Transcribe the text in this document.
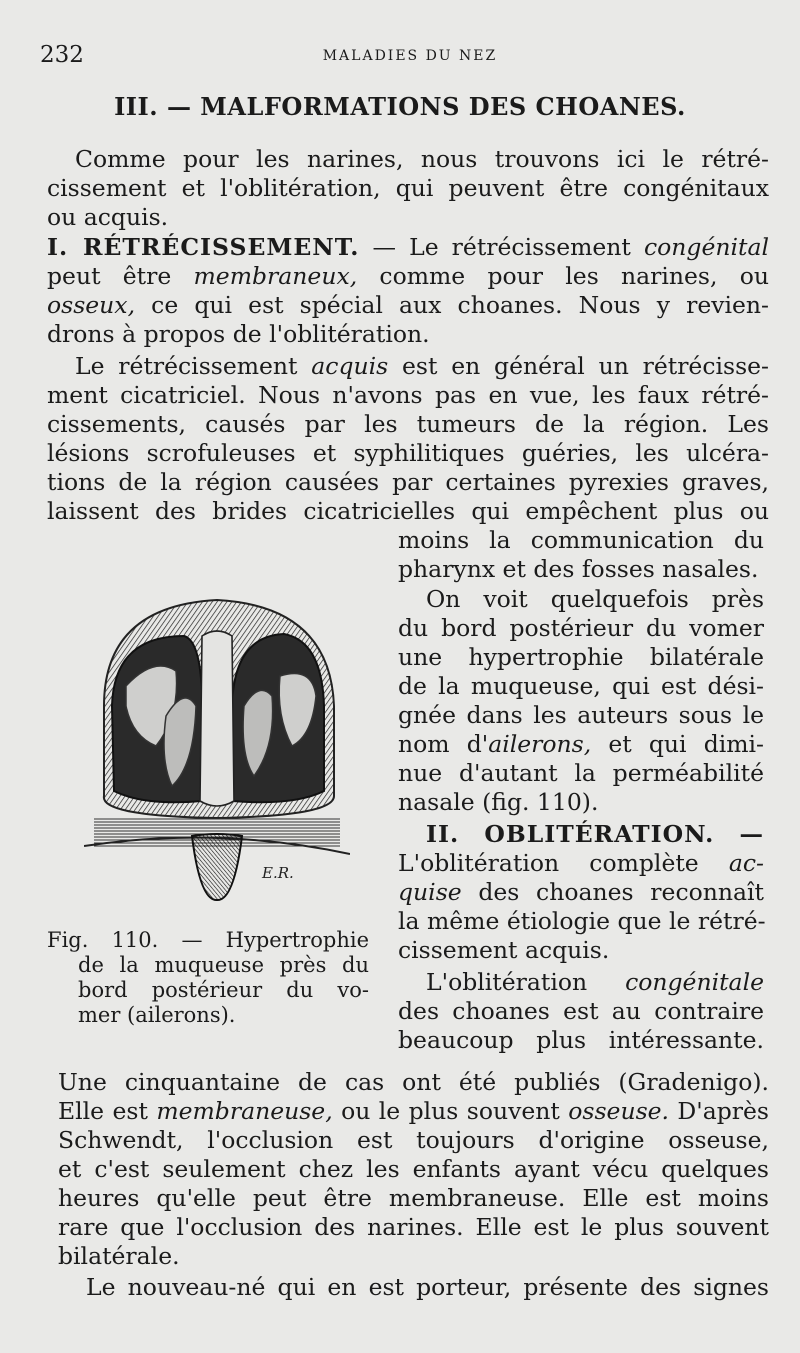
232	MALADIES DU NEZ
III. — MALFORMATIONS DES CHOANES.
Comme pour les narines, nous trouvons ici le rétré-
cissement et l'oblitération, qui peuvent être congénitaux
ou acquis.
I. RÉTRÉCISSEMENT. — Le rétrécissement congénital
peut être membraneux, comme pour les narines, ou
osseux, ce qui est spécial aux choanes. Nous y revien-
drons à propos de l'oblitération.
Le rétrécissement acquis est en général un rétrécisse-
ment cicatriciel. Nous n'avons pas en vue, les faux rétré-
cissements, causés par les tumeurs de la région. Les
lésions scrofuleuses et syphilitiques guéries, les ulcéra-
tions de la région causées par certaines pyrexies graves,
laissent des brides cicatricielles qui empêchent plus ou
moins la communication du
pharynx et des fosses nasales.
On voit quelquefois près
du bord postérieur du vomer
une hypertrophie bilatérale
de la muqueuse, qui est dési-
gnée dans les auteurs sous le
nom d'ailerons, et qui dimi-
nue d'autant la perméabilité
nasale (fig. 110).
II. OBLITÉRATION. —
L'oblitération complète ac-
quise des choanes reconnaît
la même étiologie que le rétré-
cissement acquis.
L'oblitération congénitale
des choanes est au contraire
beaucoup plus intéressante.
E.R.
Fig. 110. — Hypertrophie
de la muqueuse près du
bord postérieur du vo-
mer (ailerons).
Une cinquantaine de cas ont été publiés (Gradenigo).
Elle est membraneuse, ou le plus souvent osseuse. D'après
Schwendt, l'occlusion est toujours d'origine osseuse,
et c'est seulement chez les enfants ayant vécu quelques
heures qu'elle peut être membraneuse. Elle est moins
rare que l'occlusion des narines. Elle est le plus souvent
bilatérale.
Le nouveau-né qui en est porteur, présente des signes
